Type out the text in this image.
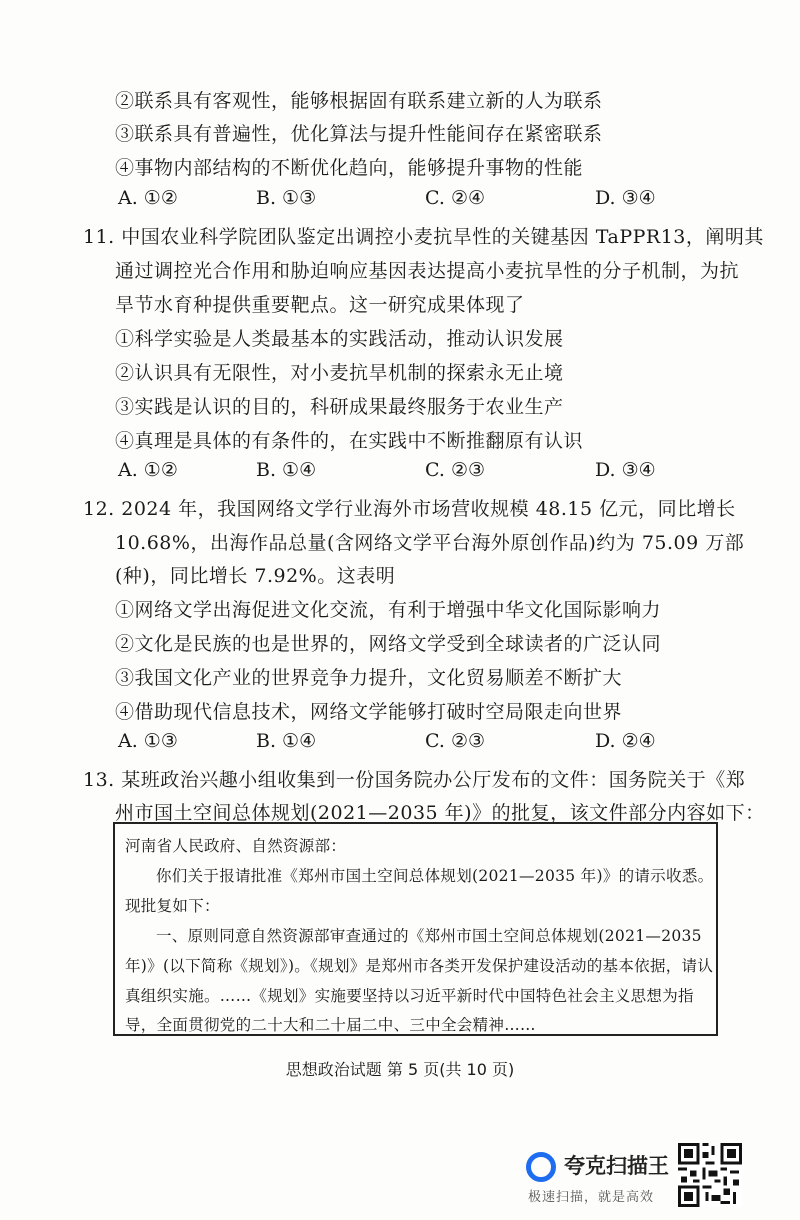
②联系具有客观性，能够根据固有联系建立新的人为联系
③联系具有普遍性，优化算法与提升性能间存在紧密联系
④事物内部结构的不断优化趋向，能够提升事物的性能
A. ①②	B. ①③	C. ②④	D. ③④
11. 中国农业科学院团队鉴定出调控小麦抗旱性的关键基因 TaPPR13，阐明其
通过调控光合作用和胁迫响应基因表达提高小麦抗旱性的分子机制，为抗
旱节水育种提供重要靶点。这一研究成果体现了
①科学实验是人类最基本的实践活动，推动认识发展
②认识具有无限性，对小麦抗旱机制的探索永无止境
③实践是认识的目的，科研成果最终服务于农业生产
④真理是具体的有条件的，在实践中不断推翻原有认识
A. ①②	B. ①④	C. ②③	D. ③④
12. 2024 年，我国网络文学行业海外市场营收规模 48.15 亿元，同比增长
10.68%，出海作品总量(含网络文学平台海外原创作品)约为 75.09 万部
(种)，同比增长 7.92%。这表明
①网络文学出海促进文化交流，有利于增强中华文化国际影响力
②文化是民族的也是世界的，网络文学受到全球读者的广泛认同
③我国文化产业的世界竞争力提升，文化贸易顺差不断扩大
④借助现代信息技术，网络文学能够打破时空局限走向世界
A. ①③	B. ①④	C. ②③	D. ②④
13. 某班政治兴趣小组收集到一份国务院办公厅发布的文件：国务院关于《郑
州市国土空间总体规划(2021—2035 年)》的批复，该文件部分内容如下：
河南省人民政府、自然资源部：
你们关于报请批准《郑州市国土空间总体规划(2021—2035 年)》的请示收悉。
现批复如下：
一、原则同意自然资源部审查通过的《郑州市国土空间总体规划(2021—2035
年)》(以下简称《规划》)。《规划》是郑州市各类开发保护建设活动的基本依据，请认
真组织实施。……《规划》实施要坚持以习近平新时代中国特色社会主义思想为指
导，全面贯彻党的二十大和二十届二中、三中全会精神……
思想政治试题 第 5 页(共 10 页)
夸克扫描王
极速扫描，就是高效
